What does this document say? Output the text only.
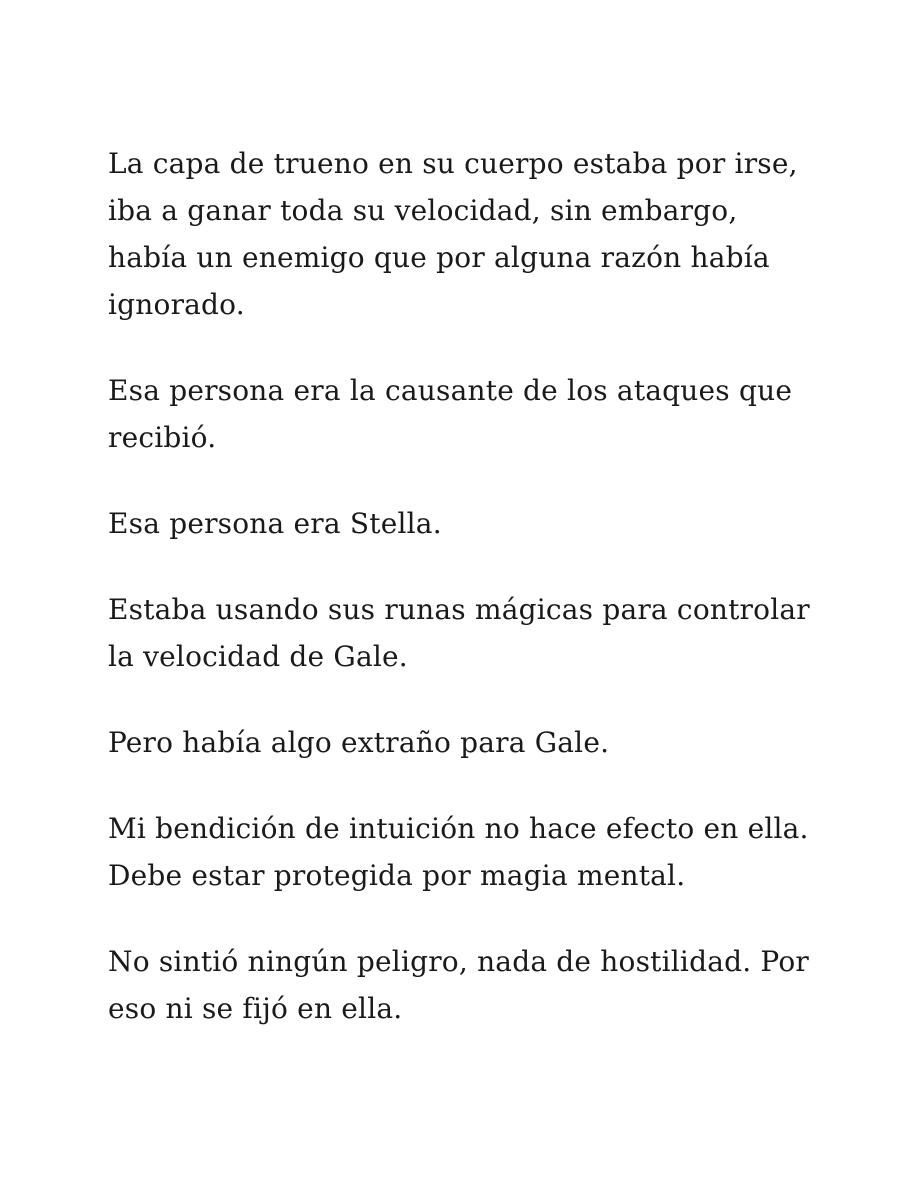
La capa de trueno en su cuerpo estaba por irse,
iba a ganar toda su velocidad, sin embargo,
había un enemigo que por alguna razón había
ignorado.

Esa persona era la causante de los ataques que
recibió.

Esa persona era Stella.

Estaba usando sus runas mágicas para controlar
la velocidad de Gale.

Pero había algo extraño para Gale.

Mi bendición de intuición no hace efecto en ella.
Debe estar protegida por magia mental.

No sintió ningún peligro, nada de hostilidad. Por
eso ni se fijó en ella.
